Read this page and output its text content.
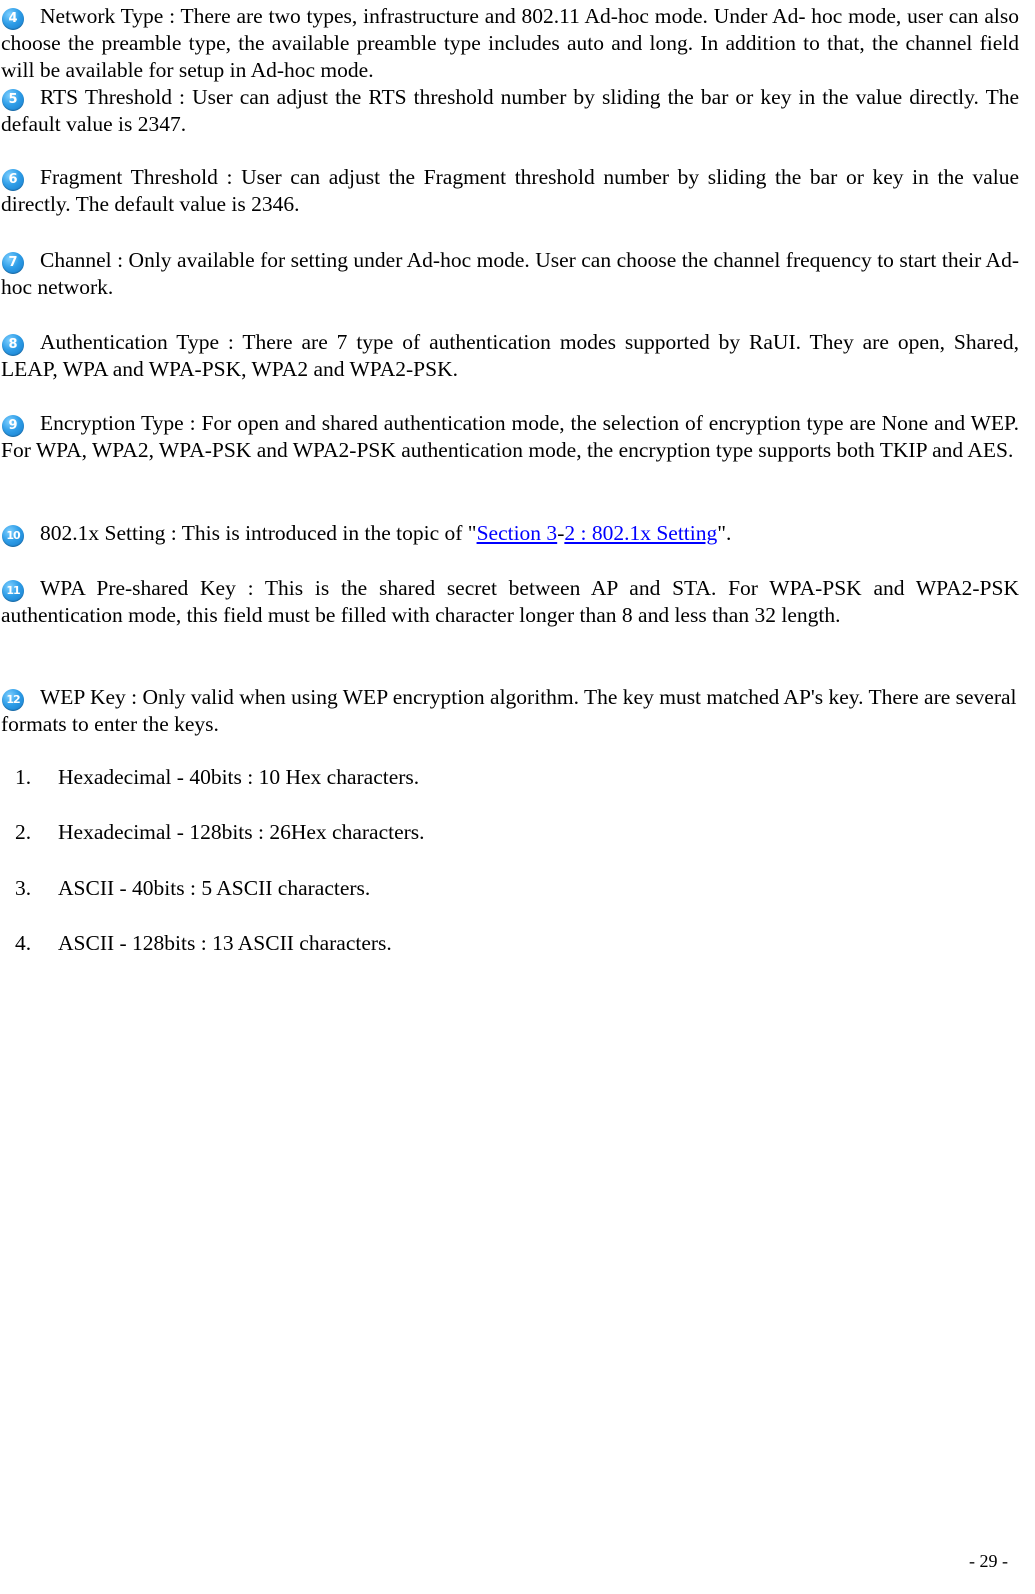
4 Network Type : There are two types, infrastructure and 802.11 Ad-hoc mode. Under Ad- hoc mode, user can also choose the preamble type, the available preamble type includes auto and long. In addition to that, the channel field will be available for setup in Ad-hoc mode.
5 RTS Threshold : User can adjust the RTS threshold number by sliding the bar or key in the value directly. The default value is 2347.
6 Fragment Threshold : User can adjust the Fragment threshold number by sliding the bar or key in the value directly. The default value is 2346.
7 Channel : Only available for setting under Ad-hoc mode. User can choose the channel frequency to start their Ad-hoc network.
8 Authentication Type : There are 7 type of authentication modes supported by RaUI. They are open, Shared, LEAP, WPA and WPA-PSK, WPA2 and WPA2-PSK.
9 Encryption Type : For open and shared authentication mode, the selection of encryption type are None and WEP. For WPA, WPA2, WPA-PSK and WPA2-PSK authentication mode, the encryption type supports both TKIP and AES.
10 802.1x Setting : This is introduced in the topic of "Section 3-2 : 802.1x Setting".
11 WPA Pre-shared Key : This is the shared secret between AP and STA. For WPA-PSK and WPA2-PSK authentication mode, this field must be filled with character longer than 8 and less than 32 length.
12 WEP Key : Only valid when using WEP encryption algorithm. The key must matched AP's key. There are several formats to enter the keys.
1. Hexadecimal - 40bits : 10 Hex characters.
2. Hexadecimal - 128bits : 26Hex characters.
3. ASCII - 40bits : 5 ASCII characters.
4. ASCII - 128bits : 13 ASCII characters.
- 29 -
